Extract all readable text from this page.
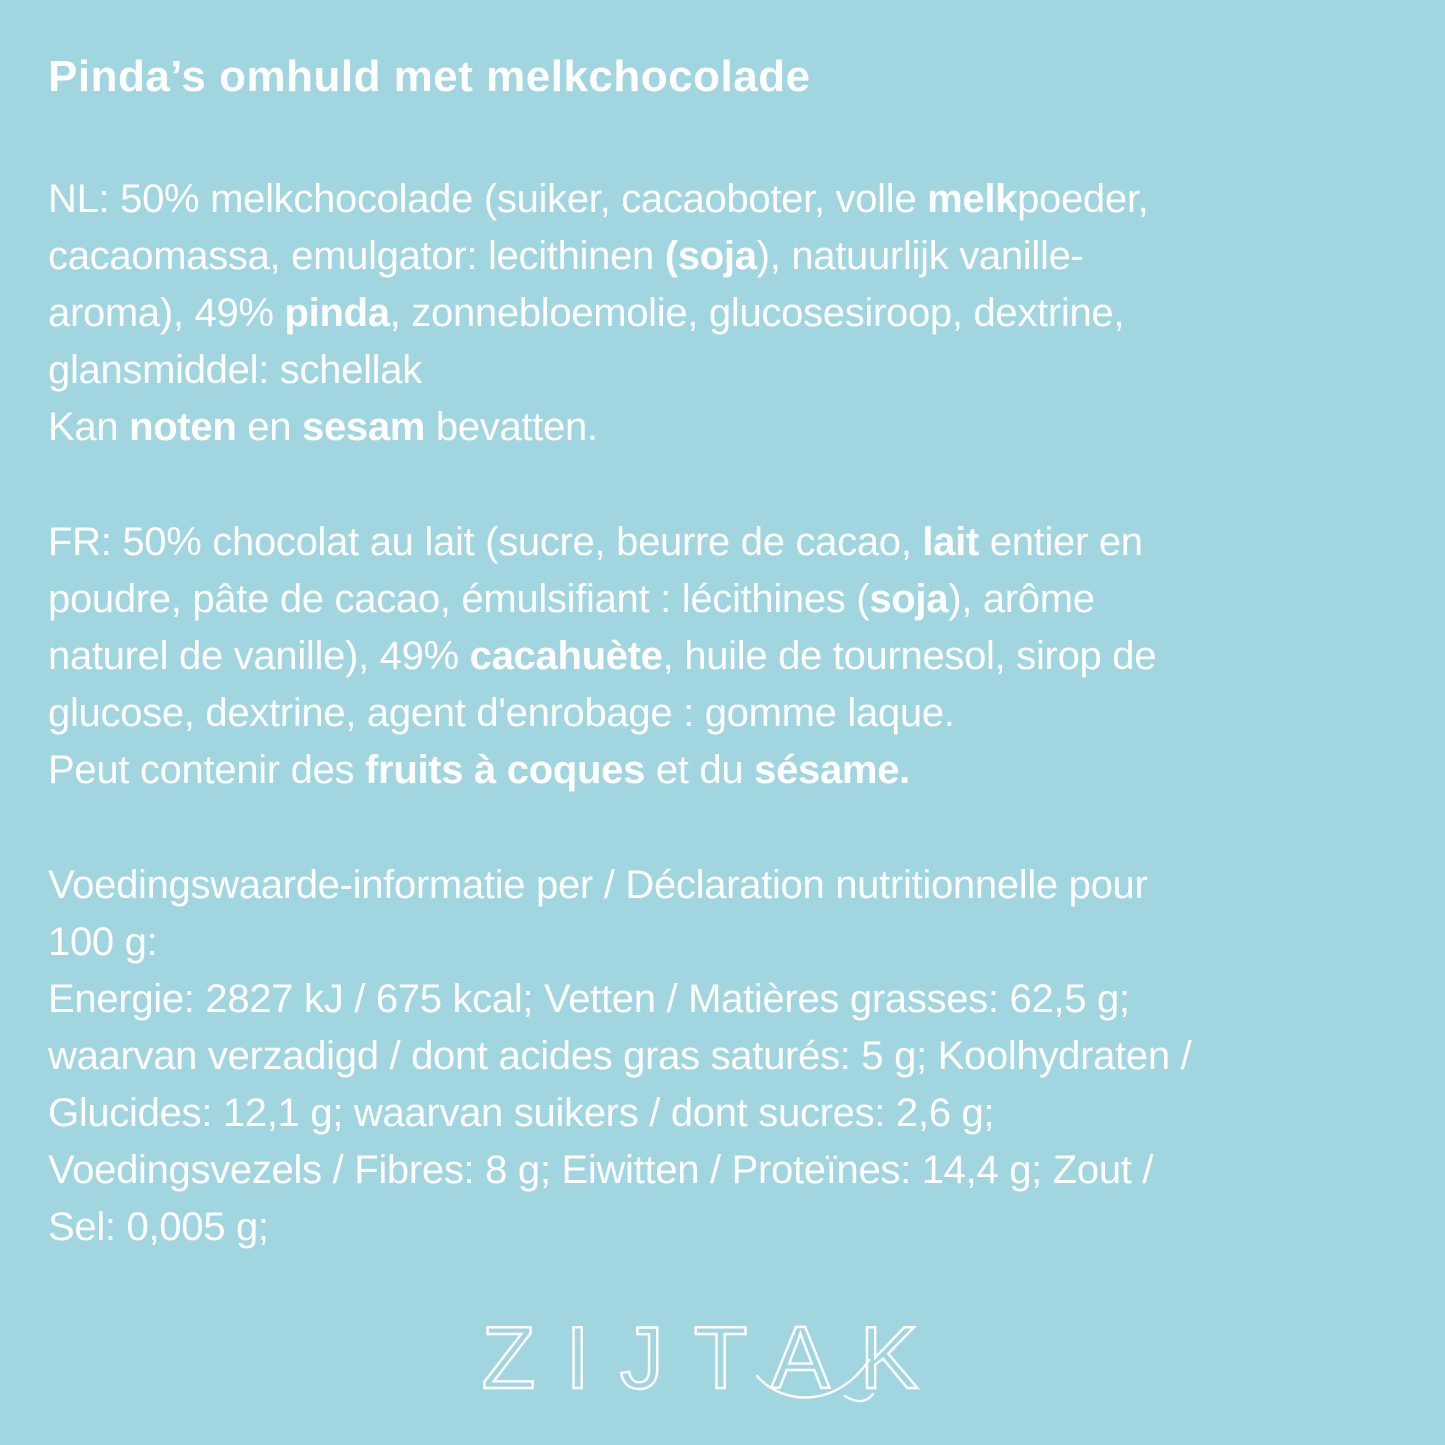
Pinda’s omhuld met melkchocolade
NL: 50% melkchocolade (suiker, cacaoboter, volle melkpoeder,
cacaomassa, emulgator: lecithinen (soja), natuurlijk vanille-
aroma), 49% pinda, zonnebloemolie, glucosesiroop, dextrine,
glansmiddel: schellak
Kan noten en sesam bevatten.
FR: 50% chocolat au lait (sucre, beurre de cacao, lait entier en
poudre, pâte de cacao, émulsifiant : lécithines (soja), arôme
naturel de vanille), 49% cacahuète, huile de tournesol, sirop de
glucose, dextrine, agent d'enrobage : gomme laque.
Peut contenir des fruits à coques et du sésame.
Voedingswaarde-informatie per / Déclaration nutritionnelle pour
100 g:
Energie: 2827 kJ / 675 kcal; Vetten / Matières grasses: 62,5 g;
waarvan verzadigd / dont acides gras saturés: 5 g; Koolhydraten /
Glucides: 12,1 g; waarvan suikers / dont sucres: 2,6 g;
Voedingsvezels / Fibres: 8 g; Eiwitten / Proteïnes: 14,4 g; Zout /
Sel: 0,005 g;
ZIJTAK
